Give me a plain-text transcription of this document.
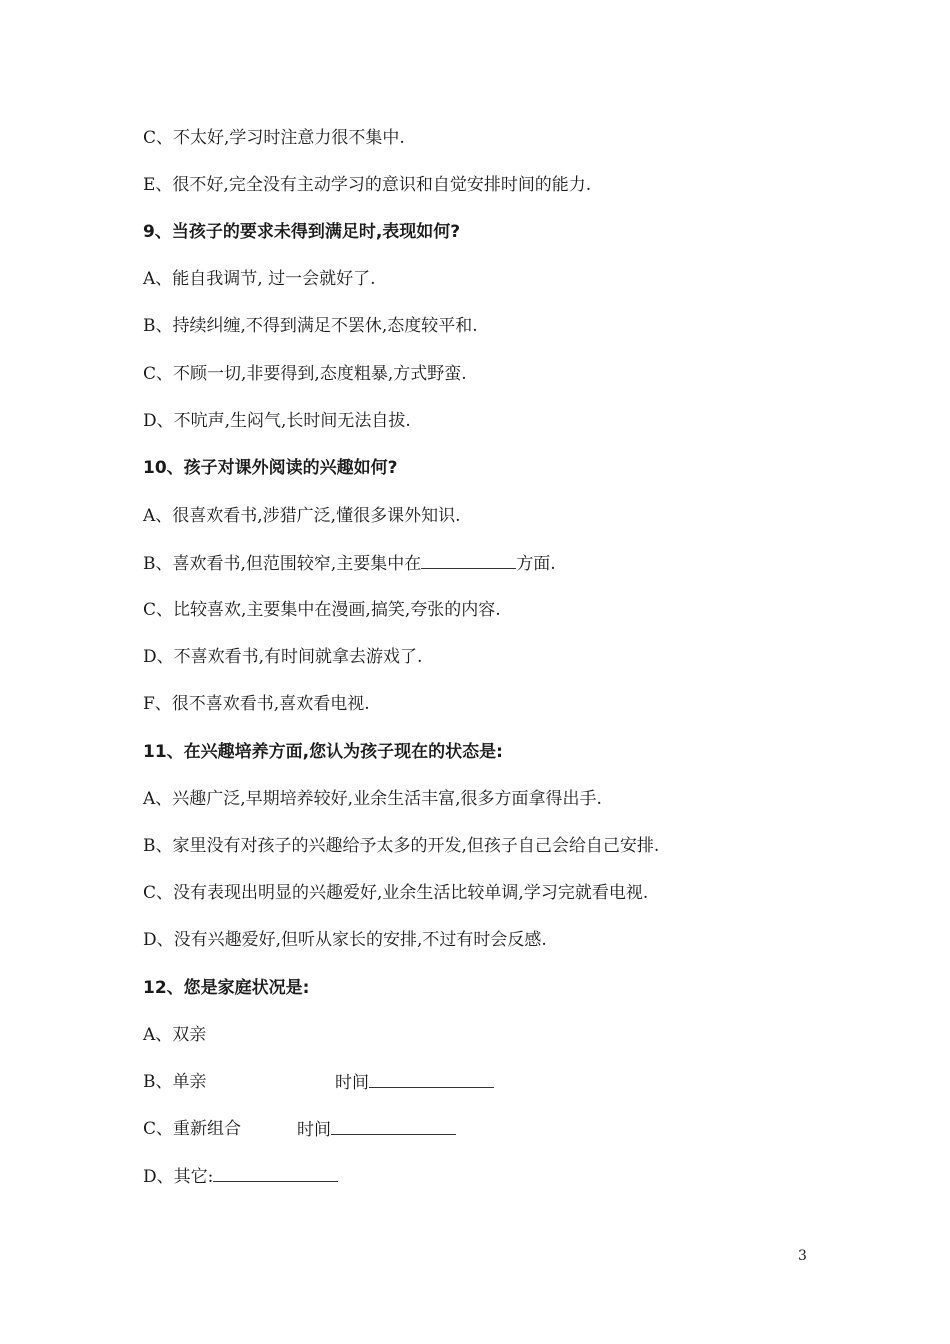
C、不太好,学习时注意力很不集中.
E、很不好,完全没有主动学习的意识和自觉安排时间的能力.
9、当孩子的要求未得到满足时,表现如何?
A、能自我调节, 过一会就好了.
B、持续纠缠,不得到满足不罢休,态度较平和.
C、不顾一切,非要得到,态度粗暴,方式野蛮.
D、不吭声,生闷气,长时间无法自拔.
10、孩子对课外阅读的兴趣如何?
A、很喜欢看书,涉猎广泛,懂很多课外知识.
B、喜欢看书,但范围较窄,主要集中在	方面.
C、比较喜欢,主要集中在漫画,搞笑,夸张的内容.
D、不喜欢看书,有时间就拿去游戏了.
F、很不喜欢看书,喜欢看电视.
11、在兴趣培养方面,您认为孩子现在的状态是:
A、兴趣广泛,早期培养较好,业余生活丰富,很多方面拿得出手.
B、家里没有对孩子的兴趣给予太多的开发,但孩子自己会给自己安排.
C、没有表现出明显的兴趣爱好,业余生活比较单调,学习完就看电视.
D、没有兴趣爱好,但听从家长的安排,不过有时会反感.
12、您是家庭状况是:
A、双亲
B、单亲	时间
C、重新组合	时间
D、其它:
3
